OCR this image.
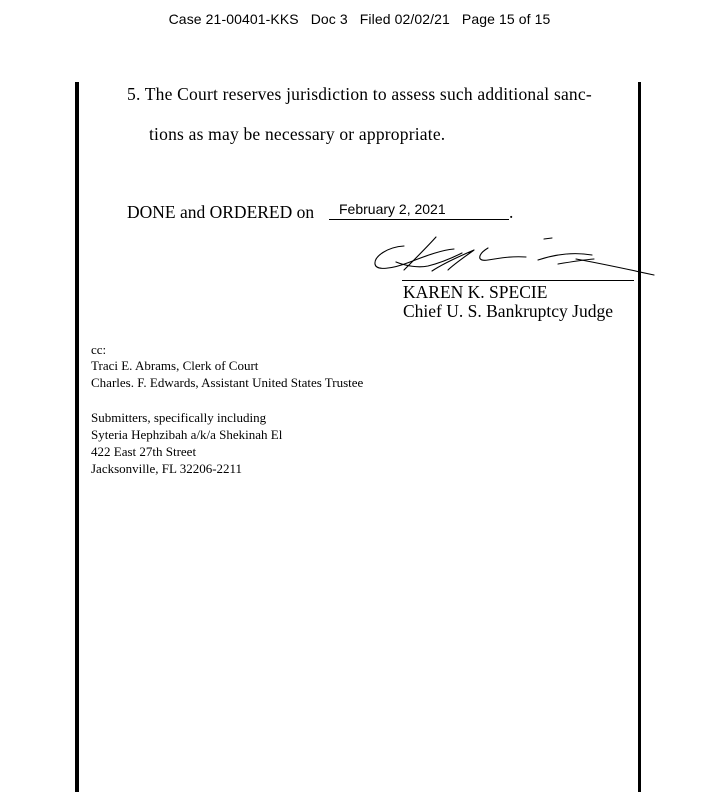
Case 21-00401-KKS Doc 3 Filed 02/02/21 Page 15 of 15
5. The Court reserves jurisdiction to assess such additional sanc-
tions as may be necessary or appropriate.
DONE and ORDERED on February 2, 2021	.
KAREN K. SPECIE
Chief U. S. Bankruptcy Judge
cc:
Traci E. Abrams, Clerk of Court
Charles. F. Edwards, Assistant United States Trustee
Submitters, specifically including
Syteria Hephzibah a/k/a Shekinah El
422 East 27th Street
Jacksonville, FL 32206-2211
